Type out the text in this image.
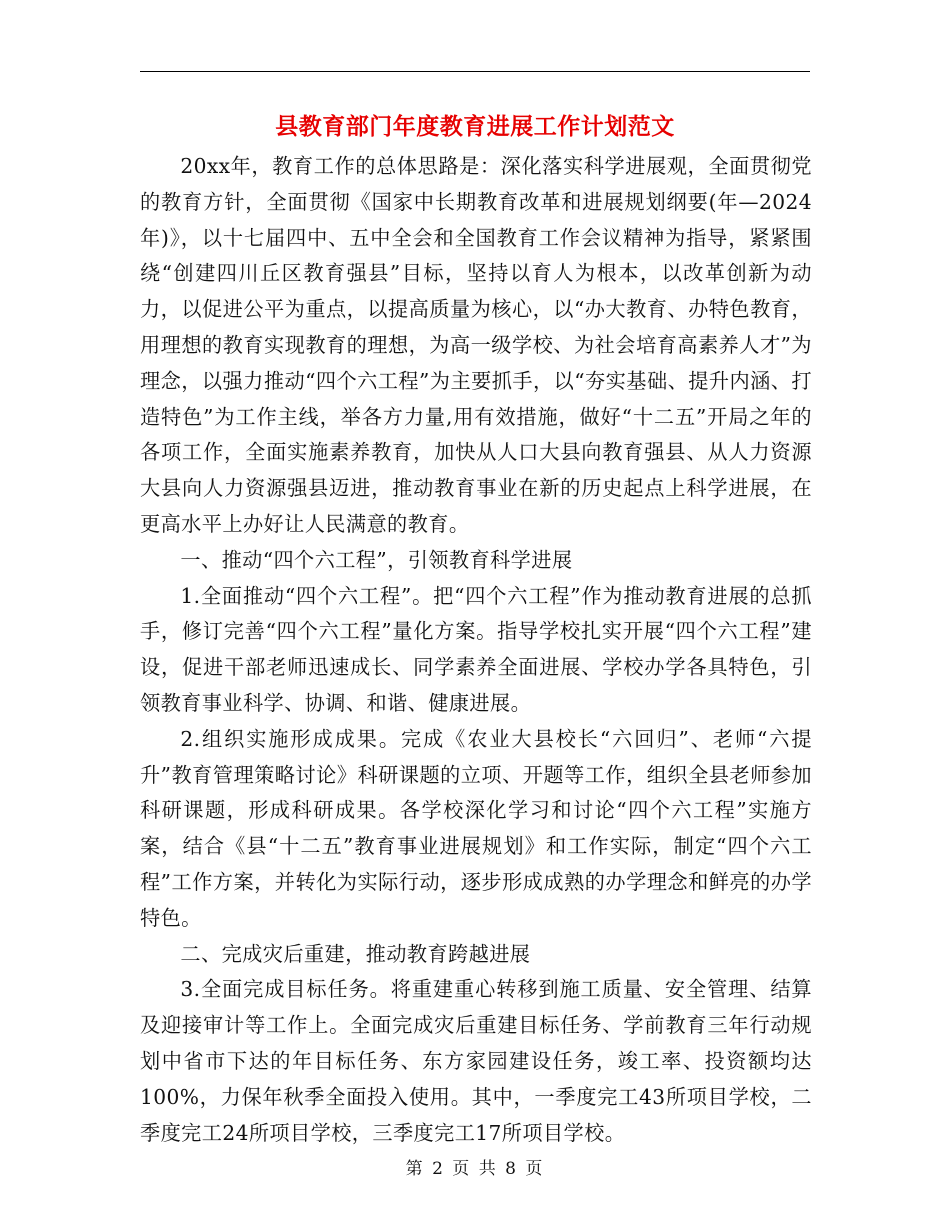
县教育部门年度教育进展工作计划范文

20xx年，教育工作的总体思路是：深化落实科学进展观，全面贯彻党的教育方针，全面贯彻《国家中长期教育改革和进展规划纲要(年—2024年)》，以十七届四中、五中全会和全国教育工作会议精神为指导，紧紧围绕“创建四川丘区教育强县”目标，坚持以育人为根本，以改革创新为动力，以促进公平为重点，以提高质量为核心，以“办大教育、办特色教育，用理想的教育实现教育的理想，为高一级学校、为社会培育高素养人才”为理念，以强力推动“四个六工程”为主要抓手，以“夯实基础、提升内涵、打造特色”为工作主线，举各方力量,用有效措施，做好“十二五”开局之年的各项工作，全面实施素养教育，加快从人口大县向教育强县、从人力资源大县向人力资源强县迈进，推动教育事业在新的历史起点上科学进展，在更高水平上办好让人民满意的教育。

一、推动“四个六工程”，引领教育科学进展

1.全面推动“四个六工程”。把“四个六工程”作为推动教育进展的总抓手，修订完善“四个六工程”量化方案。指导学校扎实开展“四个六工程”建设，促进干部老师迅速成长、同学素养全面进展、学校办学各具特色，引领教育事业科学、协调、和谐、健康进展。

2.组织实施形成成果。完成《农业大县校长“六回归”、老师“六提升”教育管理策略讨论》科研课题的立项、开题等工作，组织全县老师参加科研课题，形成科研成果。各学校深化学习和讨论“四个六工程”实施方案，结合《县“十二五”教育事业进展规划》和工作实际，制定“四个六工程”工作方案，并转化为实际行动，逐步形成成熟的办学理念和鲜亮的办学特色。

二、完成灾后重建，推动教育跨越进展

3.全面完成目标任务。将重建重心转移到施工质量、安全管理、结算及迎接审计等工作上。全面完成灾后重建目标任务、学前教育三年行动规划中省市下达的年目标任务、东方家园建设任务，竣工率、投资额均达100%，力保年秋季全面投入使用。其中，一季度完工43所项目学校，二季度完工24所项目学校，三季度完工17所项目学校。

第 2 页 共 8 页
